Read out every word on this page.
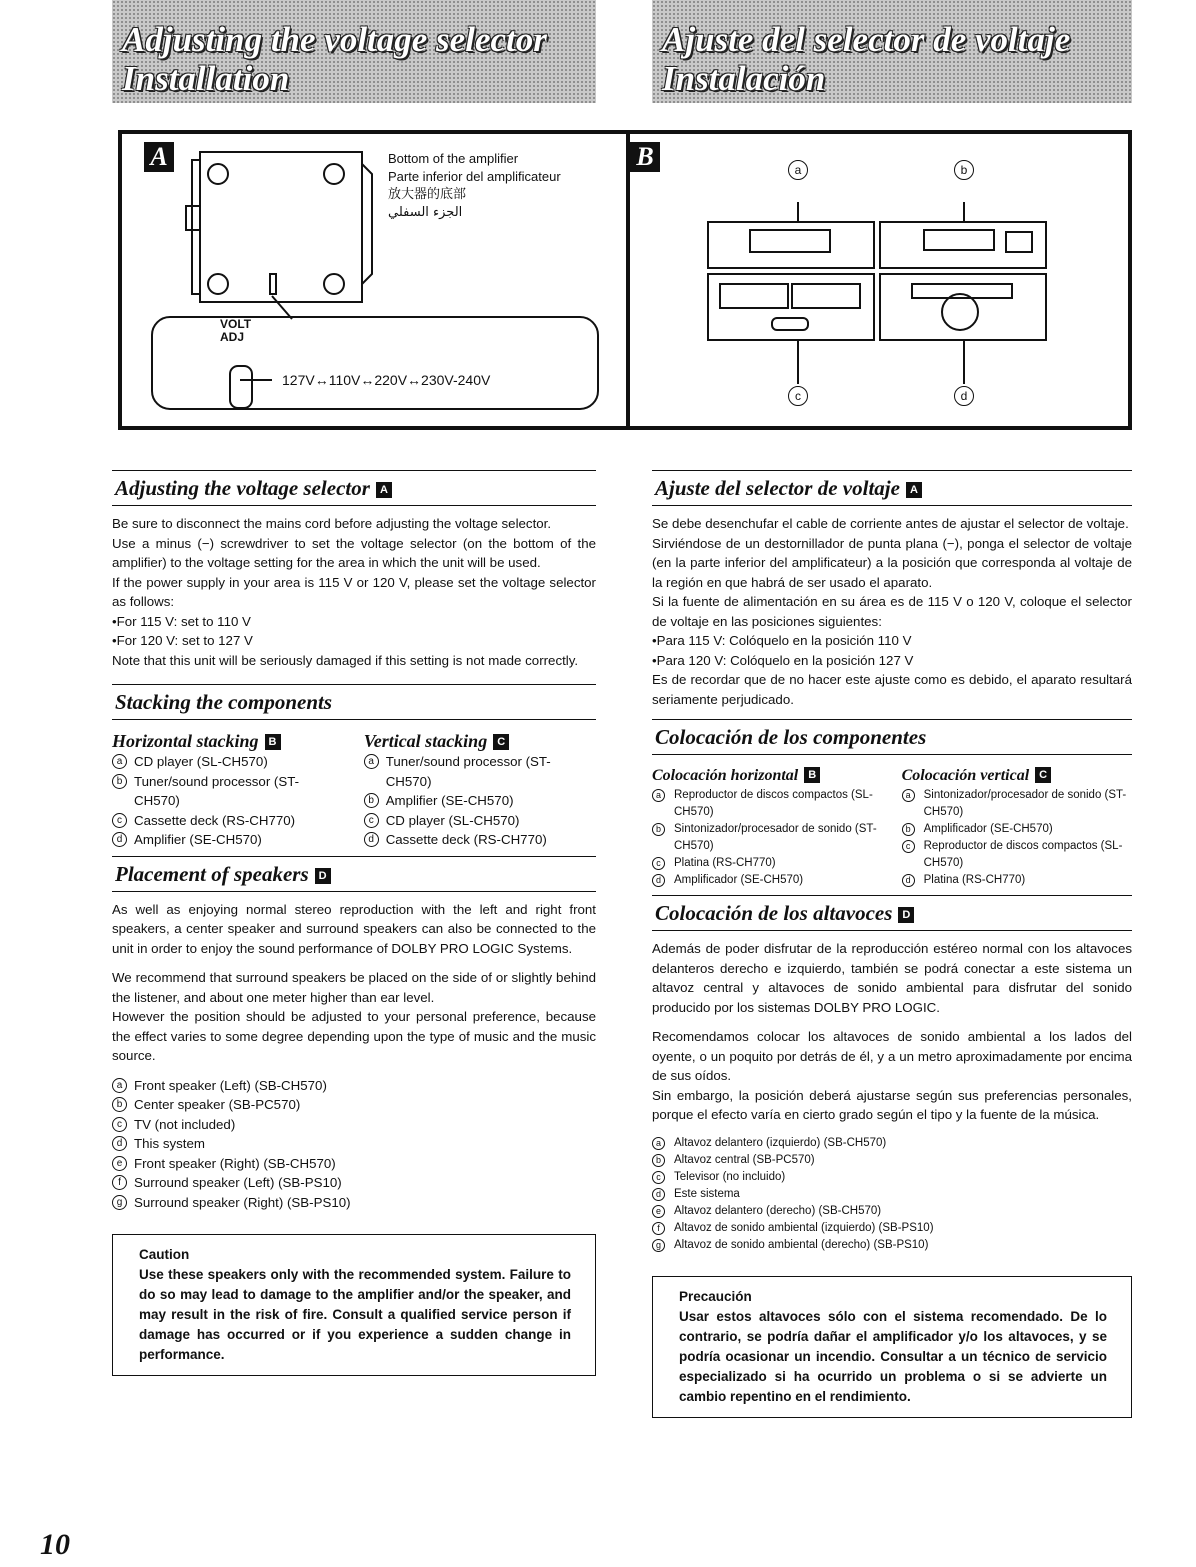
Adjusting the voltage selector
Installation
Ajuste del selector de voltaje
Instalación
A	Bottom of the amplifier
Parte inferior del amplificateur
放大器的底部
الجزء السفلي
VOLT ADJ
127V↔110V↔220V↔230V-240V
B	a	b
c	d
Adjusting the voltage selector A
Be sure to disconnect the mains cord before adjusting the voltage selector.
Use a minus (−) screwdriver to set the voltage selector (on the bottom of the amplifier) to the voltage setting for the area in which the unit will be used.
If the power supply in your area is 115 V or 120 V, please set the voltage selector as follows:
•For 115 V: set to 110 V
•For 120 V: set to 127 V
Note that this unit will be seriously damaged if this setting is not made correctly.
Stacking the components
Horizontal stacking B
a CD player (SL-CH570)
b Tuner/sound processor (ST-CH570)
c Cassette deck (RS-CH770)
d Amplifier (SE-CH570)
Vertical stacking C
a Tuner/sound processor (ST-CH570)
b Amplifier (SE-CH570)
c CD player (SL-CH570)
d Cassette deck (RS-CH770)
Placement of speakers D
As well as enjoying normal stereo reproduction with the left and right front speakers, a center speaker and surround speakers can also be connected to the unit in order to enjoy the sound performance of DOLBY PRO LOGIC Systems.
We recommend that surround speakers be placed on the side of or slightly behind the listener, and about one meter higher than ear level.
However the position should be adjusted to your personal preference, because the effect varies to some degree depending upon the type of music and the music source.
a Front speaker (Left) (SB-CH570)
b Center speaker (SB-PC570)
c TV (not included)
d This system
e Front speaker (Right) (SB-CH570)
f Surround speaker (Left) (SB-PS10)
g Surround speaker (Right) (SB-PS10)
Caution
Use these speakers only with the recommended system. Failure to do so may lead to damage to the amplifier and/or the speaker, and may result in the risk of fire. Consult a qualified service person if damage has occurred or if you experience a sudden change in performance.
Ajuste del selector de voltaje A
Se debe desenchufar el cable de corriente antes de ajustar el selector de voltaje.
Sirviéndose de un destornillador de punta plana (−), ponga el selector de voltaje (en la parte inferior del amplificateur) a la posición que corresponda al voltaje de la región en que habrá de ser usado el aparato.
Si la fuente de alimentación en su área es de 115 V o 120 V, coloque el selector de voltaje en las posiciones siguientes:
•Para 115 V: Colóquelo en la posición 110 V
•Para 120 V: Colóquelo en la posición 127 V
Es de recordar que de no hacer este ajuste como es debido, el aparato resultará seriamente perjudicado.
Colocación de los componentes
Colocación horizontal B
a	Reproductor de discos compactos (SL-CH570)
b	Sintonizador/procesador de sonido (ST-CH570)
c	Platina (RS-CH770)
d	Amplificador (SE-CH570)
Colocación vertical C
a	Sintonizador/procesador de sonido (ST-CH570)
b	Amplificador (SE-CH570)
c	Reproductor de discos compactos (SL-CH570)
d	Platina (RS-CH770)
Colocación de los altavoces D
Además de poder disfrutar de la reproducción estéreo normal con los altavoces delanteros derecho e izquierdo, también se podrá conectar a este sistema un altavoz central y altavoces de sonido ambiental para disfrutar del sonido producido por los sistemas DOLBY PRO LOGIC.
Recomendamos colocar los altavoces de sonido ambiental a los lados del oyente, o un poquito por detrás de él, y a un metro aproximadamente por encima de sus oídos.
Sin embargo, la posición deberá ajustarse según sus preferencias personales, porque el efecto varía en cierto grado según el tipo y la fuente de la música.
a	Altavoz delantero (izquierdo) (SB-CH570)
b	Altavoz central (SB-PC570)
c	Televisor (no incluido)
d	Este sistema
e	Altavoz delantero (derecho) (SB-CH570)
f	Altavoz de sonido ambiental (izquierdo) (SB-PS10)
g	Altavoz de sonido ambiental (derecho) (SB-PS10)
Precaución
Usar estos altavoces sólo con el sistema recomendado. De lo contrario, se podría dañar el amplificador y/o los altavoces, y se podría ocasionar un incendio. Consultar a un técnico de servicio especializado si ha ocurrido un problema o si se advierte un cambio repentino en el rendimiento.
10
